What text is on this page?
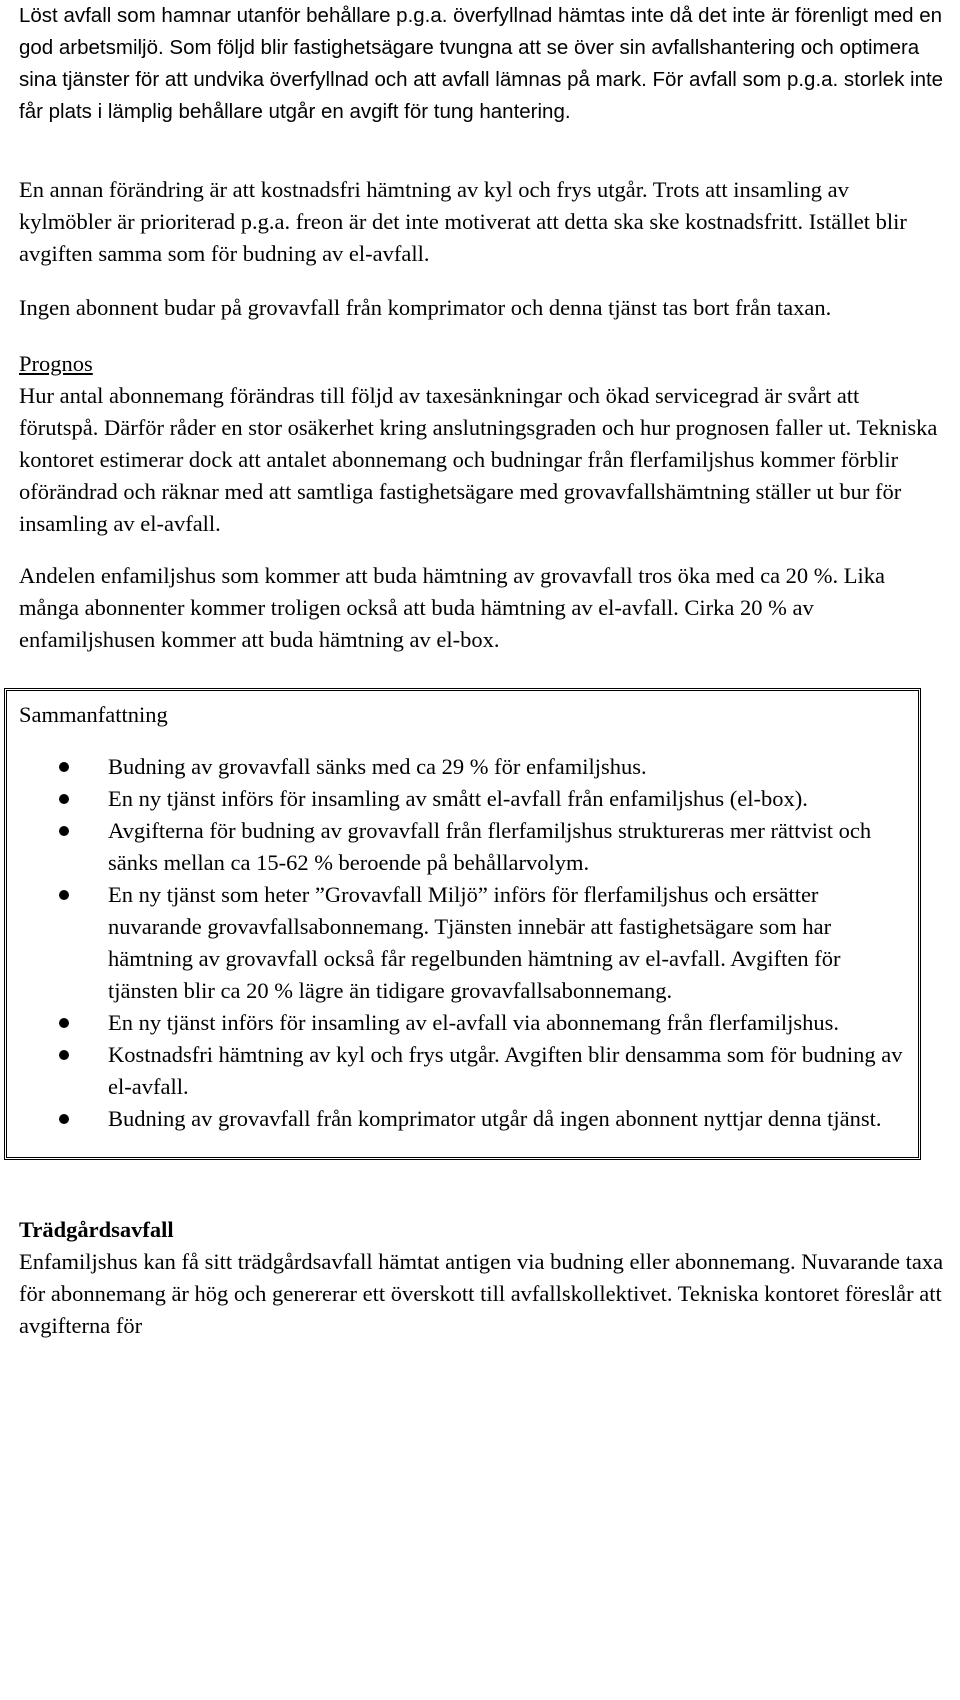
Löst avfall som hamnar utanför behållare p.g.a. överfyllnad hämtas inte då det inte är förenligt med en god arbetsmiljö. Som följd blir fastighetsägare tvungna att se över sin avfallshantering och optimera sina tjänster för att undvika överfyllnad och att avfall lämnas på mark. För avfall som p.g.a. storlek inte får plats i lämplig behållare utgår en avgift för tung hantering.

En annan förändring är att kostnadsfri hämtning av kyl och frys utgår. Trots att insamling av kylmöbler är prioriterad p.g.a. freon är det inte motiverat att detta ska ske kostnadsfritt. Istället blir avgiften samma som för budning av el-avfall.

Ingen abonnent budar på grovavfall från komprimator och denna tjänst tas bort från taxan.

Prognos

Hur antal abonnemang förändras till följd av taxesänkningar och ökad servicegrad är svårt att förutspå. Därför råder en stor osäkerhet kring anslutningsgraden och hur prognosen faller ut. Tekniska kontoret estimerar dock att antalet abonnemang och budningar från flerfamiljshus kommer förblir oförändrad och räknar med att samtliga fastighetsägare med grovavfallshämtning ställer ut bur för insamling av el-avfall.

Andelen enfamiljshus som kommer att buda hämtning av grovavfall tros öka med ca 20 %. Lika många abonnenter kommer troligen också att buda hämtning av el-avfall. Cirka 20 % av enfamiljshusen kommer att buda hämtning av el-box.

Sammanfattning

Budning av grovavfall sänks med ca 29 % för enfamiljshus.
En ny tjänst införs för insamling av smått el-avfall från enfamiljshus (el-box).
Avgifterna för budning av grovavfall från flerfamiljshus struktureras mer rättvist och sänks mellan ca 15-62 % beroende på behållarvolym.
En ny tjänst som heter ”Grovavfall Miljö” införs för flerfamiljshus och ersätter nuvarande grovavfallsabonnemang. Tjänsten innebär att fastighetsägare som har hämtning av grovavfall också får regelbunden hämtning av el-avfall. Avgiften för tjänsten blir ca 20 % lägre än tidigare grovavfallsabonnemang.
En ny tjänst införs för insamling av el-avfall via abonnemang från flerfamiljshus.
Kostnadsfri hämtning av kyl och frys utgår. Avgiften blir densamma som för budning av el-avfall.
Budning av grovavfall från komprimator utgår då ingen abonnent nyttjar denna tjänst.

Trädgårdsavfall

Enfamiljshus kan få sitt trädgårdsavfall hämtat antigen via budning eller abonnemang. Nuvarande taxa för abonnemang är hög och genererar ett överskott till avfallskollektivet. Tekniska kontoret föreslår att avgifterna för
